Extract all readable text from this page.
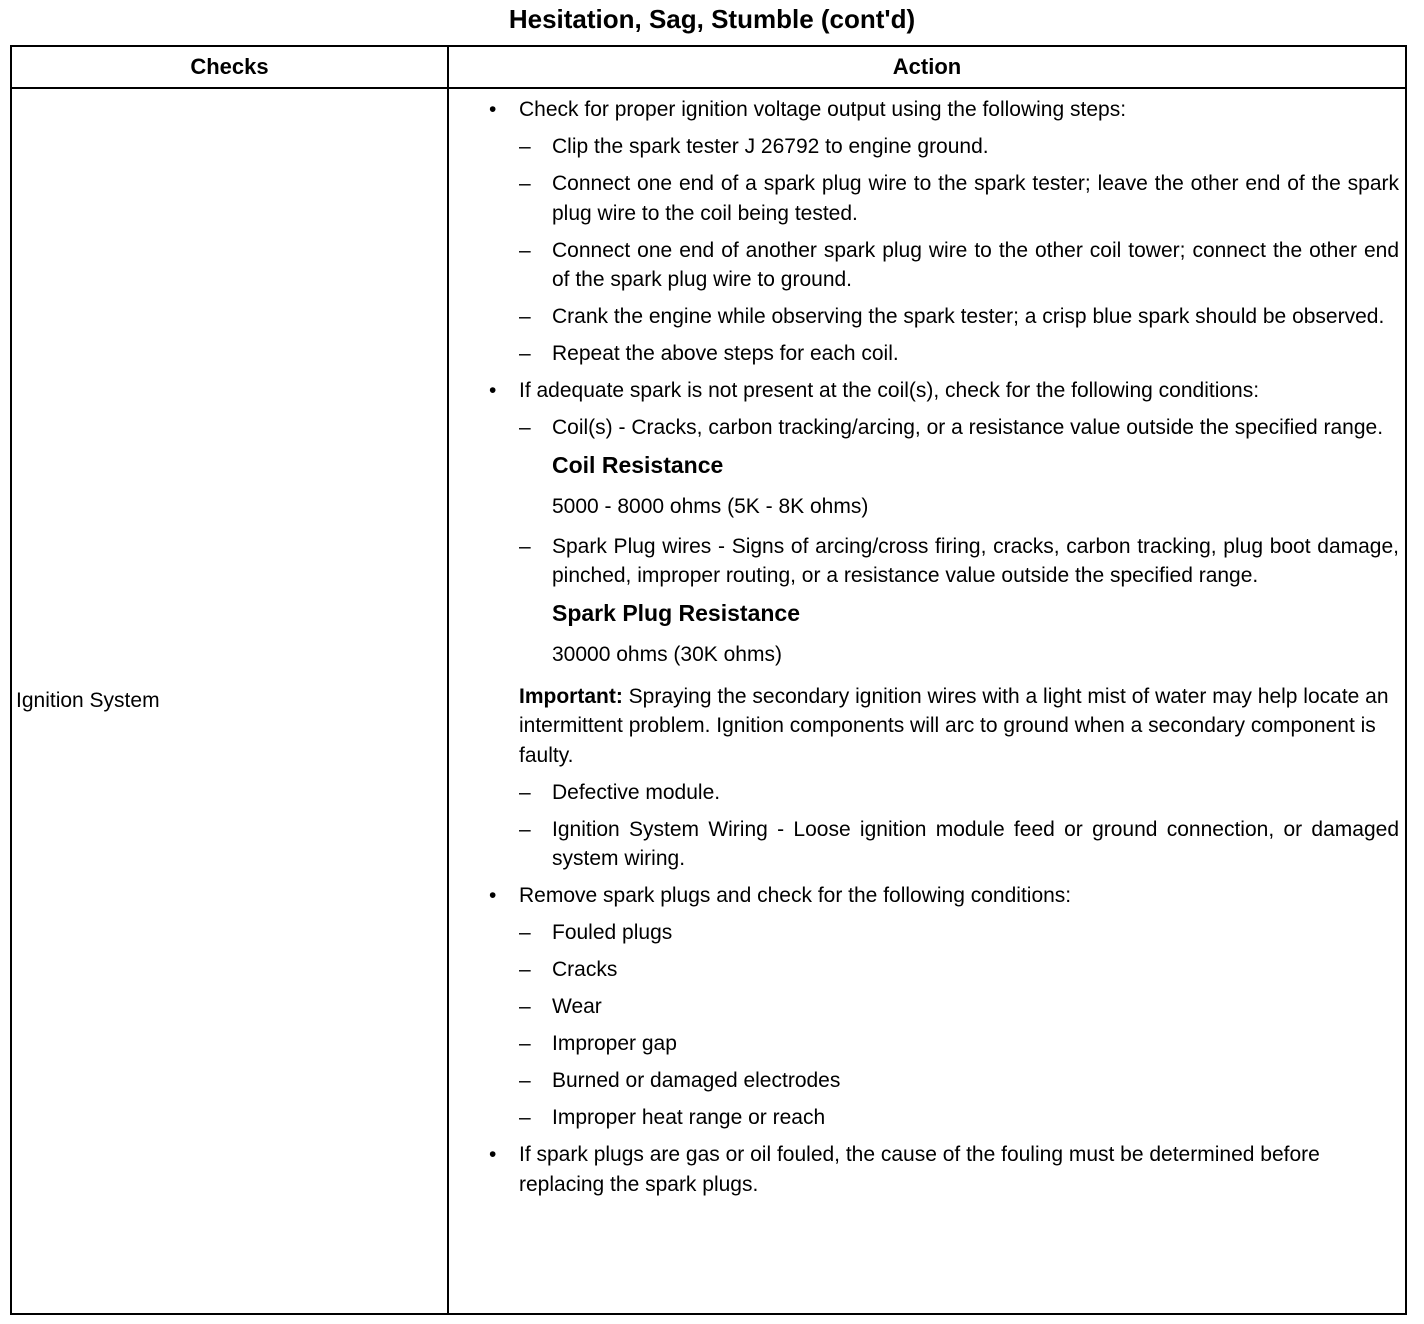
Hesitation, Sag, Stumble (cont'd)
Checks	Action
Ignition System
• Check for proper ignition voltage output using the following steps:
–	Clip the spark tester J 26792 to engine ground.
–	Connect one end of a spark plug wire to the spark tester; leave the other end of the spark plug wire to the coil being tested.
–	Connect one end of another spark plug wire to the other coil tower; connect the other end of the spark plug wire to ground.
–	Crank the engine while observing the spark tester; a crisp blue spark should be observed.
–	Repeat the above steps for each coil.
• If adequate spark is not present at the coil(s), check for the following conditions:
–	Coil(s) - Cracks, carbon tracking/arcing, or a resistance value outside the specified range.
Coil Resistance
5000 - 8000 ohms (5K - 8K ohms)
–	Spark Plug wires - Signs of arcing/cross firing, cracks, carbon tracking, plug boot damage, pinched, improper routing, or a resistance value outside the specified range.
Spark Plug Resistance
30000 ohms (30K ohms)
Important: Spraying the secondary ignition wires with a light mist of water may help locate an intermittent problem. Ignition components will arc to ground when a secondary component is faulty.
–	Defective module.
–	Ignition System Wiring - Loose ignition module feed or ground connection, or damaged system wiring.
• Remove spark plugs and check for the following conditions:
–	Fouled plugs
–	Cracks
–	Wear
–	Improper gap
–	Burned or damaged electrodes
–	Improper heat range or reach
• If spark plugs are gas or oil fouled, the cause of the fouling must be determined before replacing the spark plugs.
